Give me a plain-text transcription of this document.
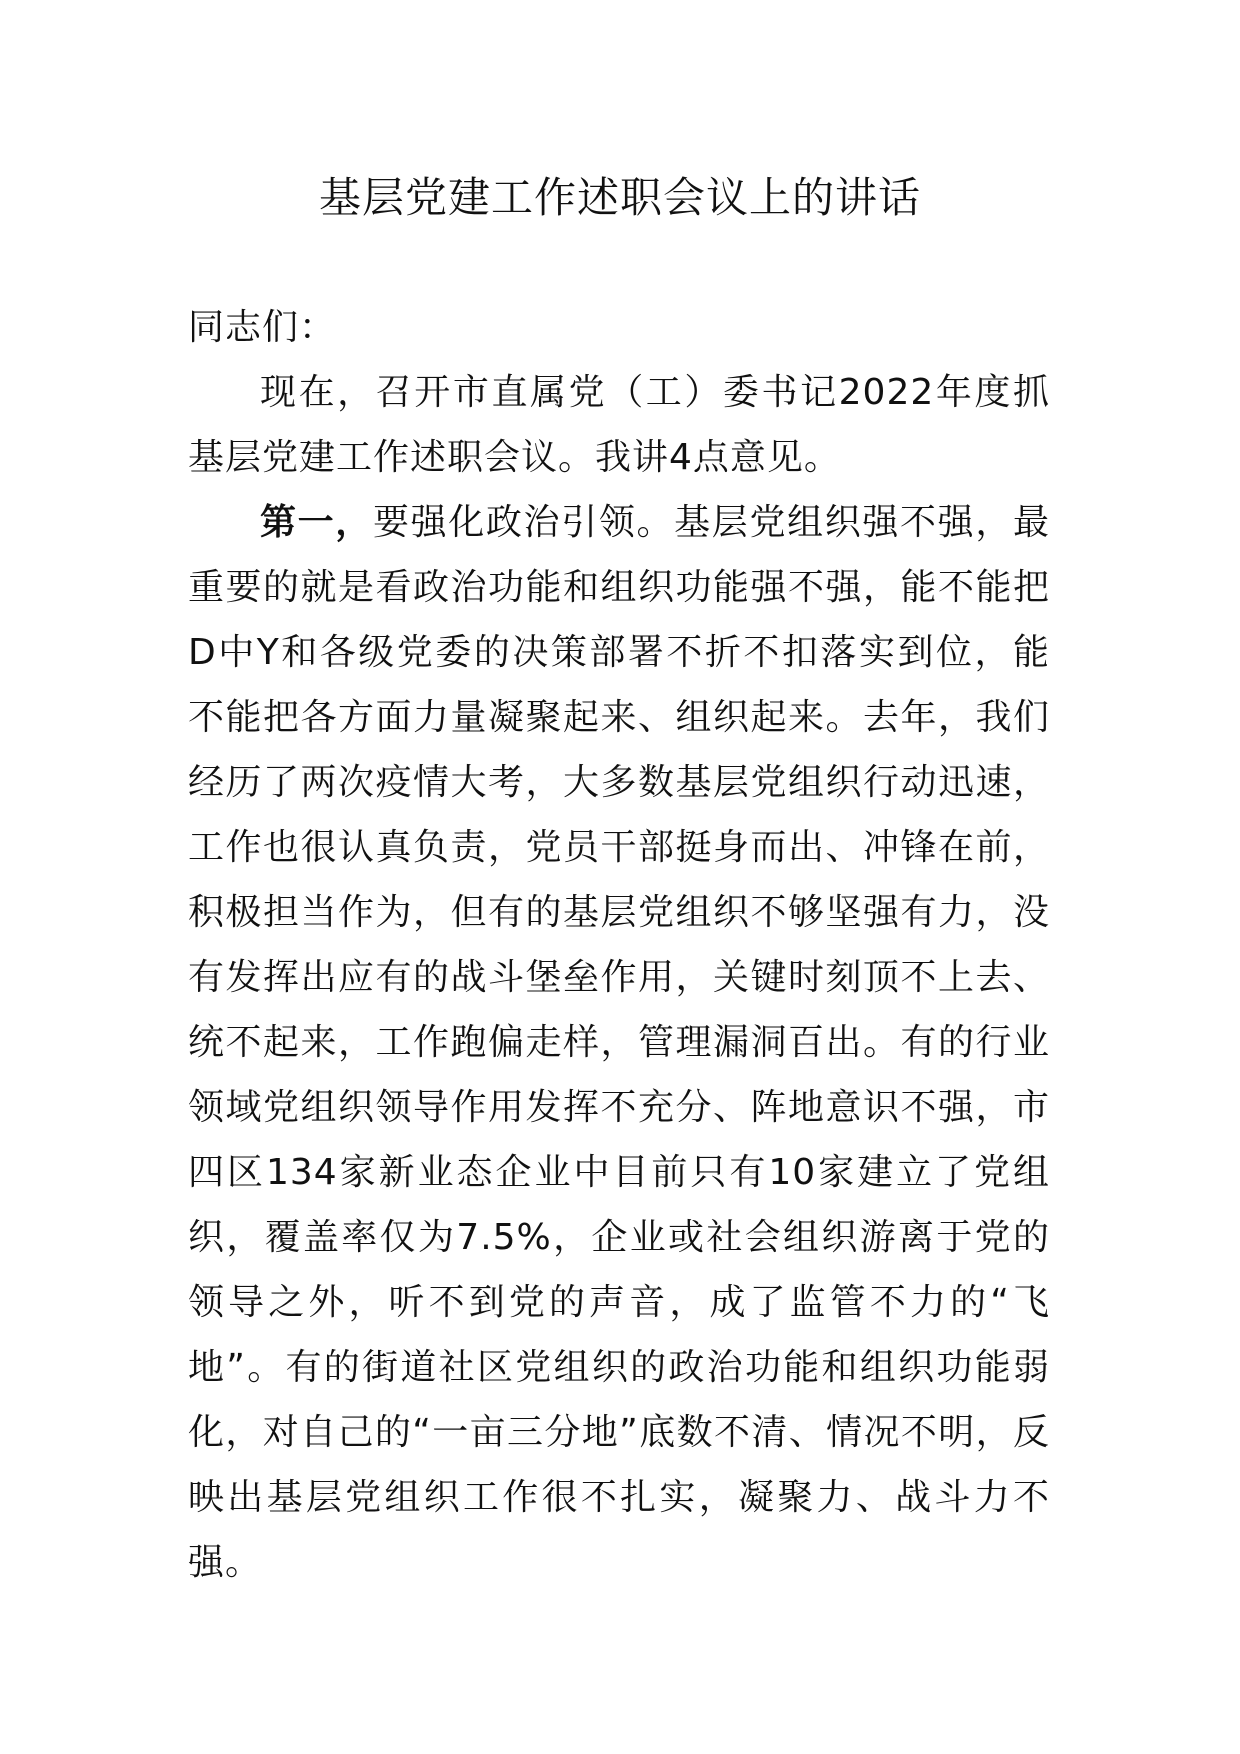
基层党建工作述职会议上的讲话

同志们：

现在，召开市直属党（工）委书记2022年度抓基层党建工作述职会议。我讲4点意见。

第一，要强化政治引领。基层党组织强不强，最重要的就是看政治功能和组织功能强不强，能不能把D中Y和各级党委的决策部署不折不扣落实到位，能不能把各方面力量凝聚起来、组织起来。去年，我们经历了两次疫情大考，大多数基层党组织行动迅速，工作也很认真负责，党员干部挺身而出、冲锋在前，积极担当作为，但有的基层党组织不够坚强有力，没有发挥出应有的战斗堡垒作用，关键时刻顶不上去、统不起来，工作跑偏走样，管理漏洞百出。有的行业领域党组织领导作用发挥不充分、阵地意识不强，市四区134家新业态企业中目前只有10家建立了党组织，覆盖率仅为7.5%，企业或社会组织游离于党的领导之外，听不到党的声音，成了监管不力的“飞地”。有的街道社区党组织的政治功能和组织功能弱化，对自己的“一亩三分地”底数不清、情况不明，反映出基层党组织工作很不扎实，凝聚力、战斗力不强。
